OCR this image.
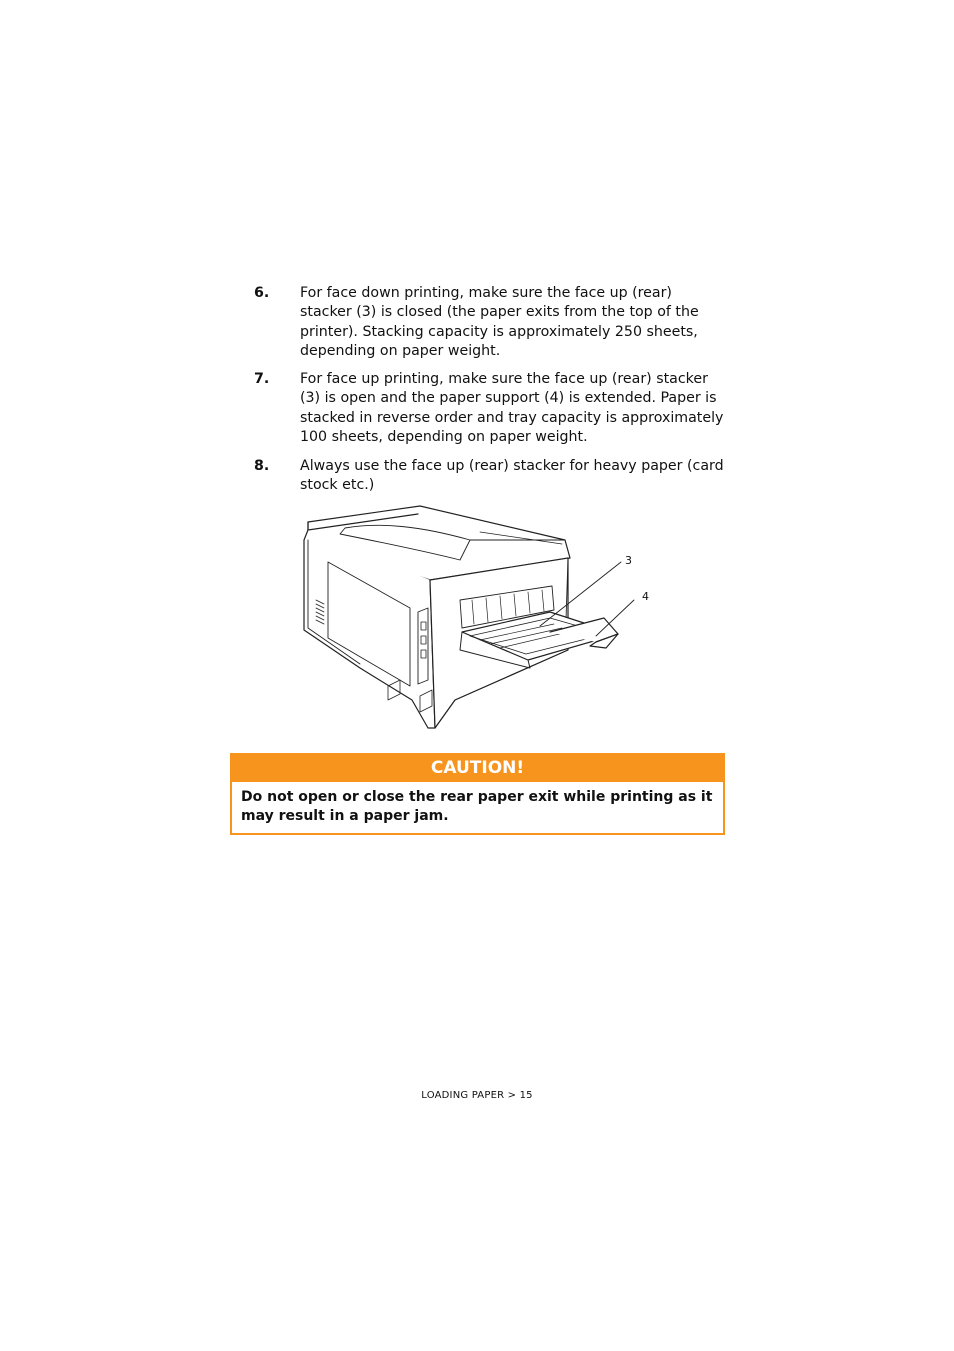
6. For face down printing, make sure the face up (rear) stacker (3) is closed (the paper exits from the top of the printer). Stacking capacity is approximately 250 sheets, depending on paper weight.
7. For face up printing, make sure the face up (rear) stacker (3) is open and the paper support (4) is extended. Paper is stacked in reverse order and tray capacity is approximately 100 sheets, depending on paper weight.
8. Always use the face up (rear) stacker for heavy paper (card stock etc.)
3
4
CAUTION!
Do not open or close the rear paper exit while printing as it may result in a paper jam.
LOADING PAPER > 15
